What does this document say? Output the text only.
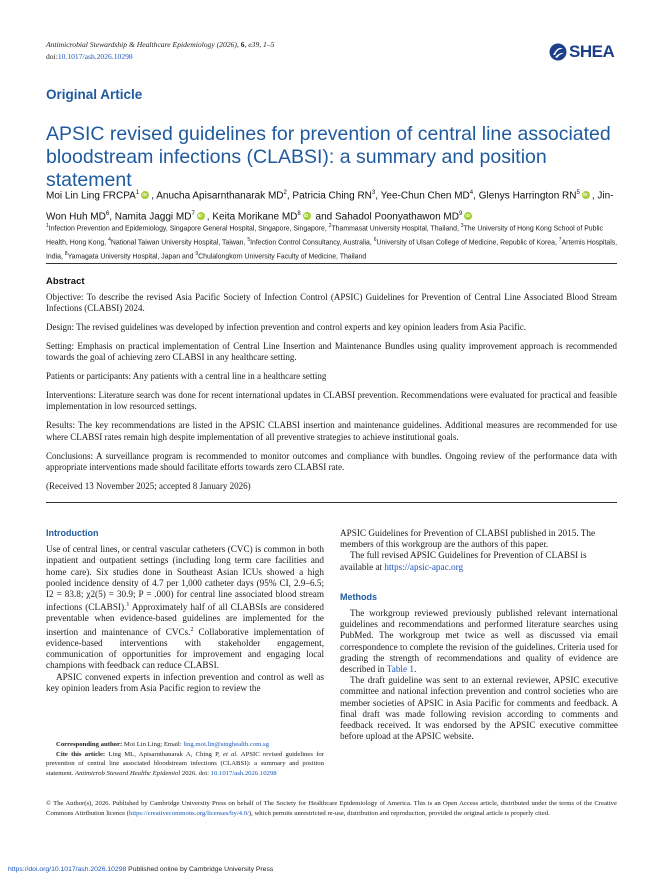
Antimicrobial Stewardship & Healthcare Epidemiology (2026), 6, e39, 1–5
doi:10.1017/ash.2026.10298	SHEA
Original Article
APSIC revised guidelines for prevention of central line associated bloodstream infections (CLABSI): a summary and position statement
Moi Lin Ling FRCPA$^1$iD , Anucha Apisarnthanarak $MD^2$, Patricia Ching $RN^3$, Yee-Chun Chen $MD^4$, Glenys Harrington $RN^5iD$ , Jin-Won Huh $MD^6$, Namita Jaggi $MD^7iD$ , Keita Morikane $MD^8iD$ and Sahadol Poonyathawon $MD^9iD$
$^1$Infection Prevention and Epidemiology, Singapore General Hospital, Singapore, Singapore, $^2$Thammasat University Hospital, Thailand, $^3$The University of Hong Kong School of Public Health, Hong Kong, $^4$National Taiwan University Hospital, Taiwan, $^5$Infection Control Consultancy, Australia, $^6$University of Ulsan College of Medicine, Republic of Korea, $^7$Artemis Hospitals, India, $^8$Yamagata University Hospital, Japan and $^9$Chulalongkorn University Faculty of Medicine, Thailand
Abstract

Objective: To describe the revised Asia Pacific Society of Infection Control (APSIC) Guidelines for Prevention of Central Line Associated Blood Stream Infections (CLABSI) 2024.

Design: The revised guidelines was developed by infection prevention and control experts and key opinion leaders from Asia Pacific.

Setting: Emphasis on practical implementation of Central Line Insertion and Maintenance Bundles using quality improvement approach is recommended towards the goal of achieving zero CLABSI in any healthcare setting.

Patients or participants: Any patients with a central line in a healthcare setting

Interventions: Literature search was done for recent international updates in CLABSI prevention. Recommendations were evaluated for practical and feasible implementation in low resourced settings.

Results: The key recommendations are listed in the APSIC CLABSI insertion and maintenance guidelines. Additional measures are recommended for use where CLABSI rates remain high despite implementation of all preventive strategies to achieve institutional goals.

Conclusions: A surveillance program is recommended to monitor outcomes and compliance with bundles. Ongoing review of the performance data with appropriate interventions made should facilitate efforts towards zero CLABSI rate.

(Received 13 November 2025; accepted 8 January 2026)

Introduction

Use of central lines, or central vascular catheters (CVC) is common in both inpatient and outpatient settings (including long term care facilities and home care). Six studies done in Southeast Asian ICUs showed a high pooled incidence density of 4.7 per 1,000 catheter days (95% CI, 2.9–6.5; I2 = 83.8; χ2(5) = 30.9; P = .000) for central line associated blood stream infections (CLABSI).$^1$ Approximately half of all CLABSIs are considered preventable when evidence-based guidelines are implemented for the insertion and maintenance of CVCs.$^2$ Collaborative implementation of evidence-based interventions with stakeholder engagement, communication of opportunities for improvement and engaging local champions with feedback can reduce CLABSI.

APSIC convened experts in infection prevention and control as well as key opinion leaders from Asia Pacific region to review the

Corresponding author: Moi Lin Ling; Email: ling.moi.lin@singhealth.com.sg

Cite this article: Ling ML, Apisarnthanarak A, Ching P, et al. APSIC revised guidelines for prevention of central line associated bloodstream infections (CLABSI): a summary and position statement. Antimicrob Steward Healthc Epidemiol 2026. doi: 10.1017/ash.2026.10298

APSIC Guidelines for Prevention of CLABSI published in 2015. The members of this workgroup are the authors of this paper.

The full revised APSIC Guidelines for Prevention of CLABSI is available at https://apsic-apac.org

Methods

The workgroup reviewed previously published relevant international guidelines and recommendations and performed literature searches using PubMed. The workgroup met twice as well as discussed via email correspondence to complete the revision of the guidelines. Criteria used for grading the strength of recommendations and quality of evidence are described in Table 1.

The draft guideline was sent to an external reviewer, APSIC executive committee and national infection prevention and control societies who are member societies of APSIC in Asia Pacific for comments and feedback. A final draft was made following revision according to comments and feedback received. It was endorsed by the APSIC executive committee before upload at the APSIC website.

© The Author(s), 2026. Published by Cambridge University Press on behalf of The Society for Healthcare Epidemiology of America. This is an Open Access article, distributed under the terms of the Creative Commons Attribution licence (https://creativecommons.org/licenses/by/4.0/), which permits unrestricted re-use, distribution and reproduction, provided the original article is properly cited.
https://doi.org/10.1017/ash.2026.10298 Published online by Cambridge University Press
